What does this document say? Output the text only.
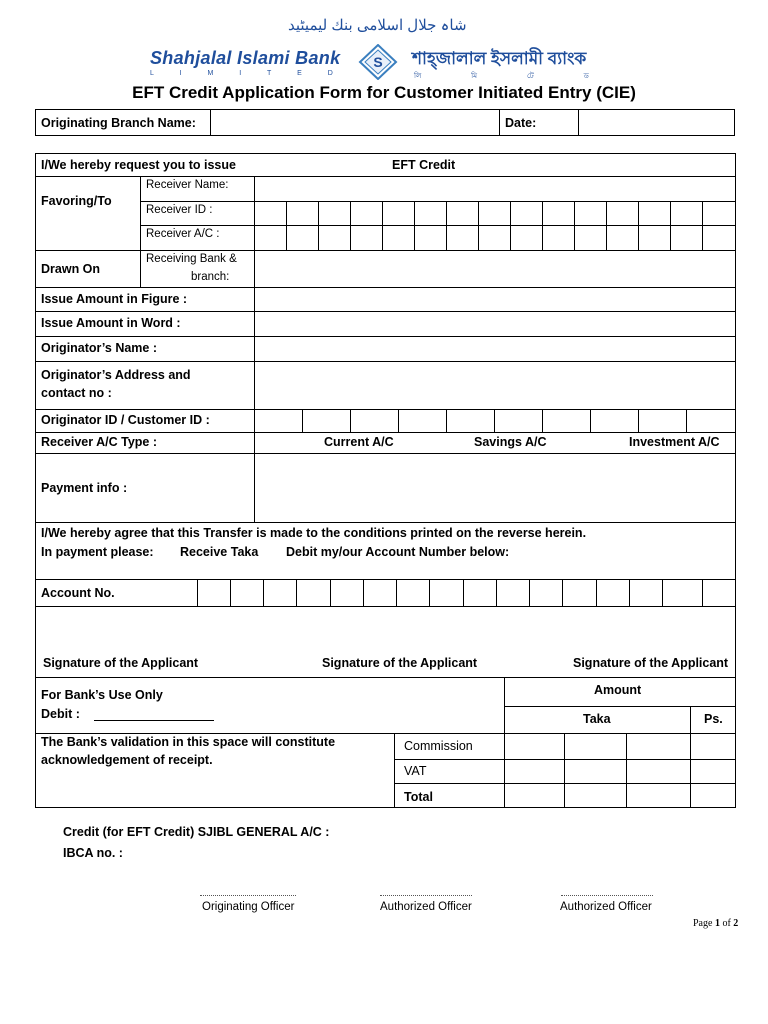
شاہ جلال اسلامی بنك لیمیٹید
Shahjalal Islami Bank
L I M I T E D
S শাহ্জালাল ইসলামী ব্যাংক
লি মি টে ড
EFT Credit Application Form for Customer Initiated Entry (CIE)
Originating Branch Name:		Date:	
I/We hereby request you to issue	EFT Credit
Favoring/To
Receiver Name:
Receiver ID :
Receiver A/C :
Drawn On
Receiving Bank &
branch:
Issue Amount in Figure :
Issue Amount in Word :
Originator’s Name :
Originator’s Address and
contact no :
Originator ID / Customer ID :
Receiver A/C Type :	Current A/C	Savings A/C	Investment A/C
Payment info :
I/We hereby agree that this Transfer is made to the conditions printed on the reverse herein.
In payment please: Receive Taka Debit my/our Account Number below:
Account No.
Signature of the Applicant	Signature of the Applicant	Signature of the Applicant
For Bank’s Use Only
Debit :
Amount
Taka	Ps.
The Bank’s validation in this space will constitute
acknowledgement of receipt.
Commission
VAT
Total
Credit (for EFT Credit) SJIBL GENERAL A/C :
IBCA no. :
Originating Officer	Authorized Officer	Authorized Officer
Page 1 of 2
